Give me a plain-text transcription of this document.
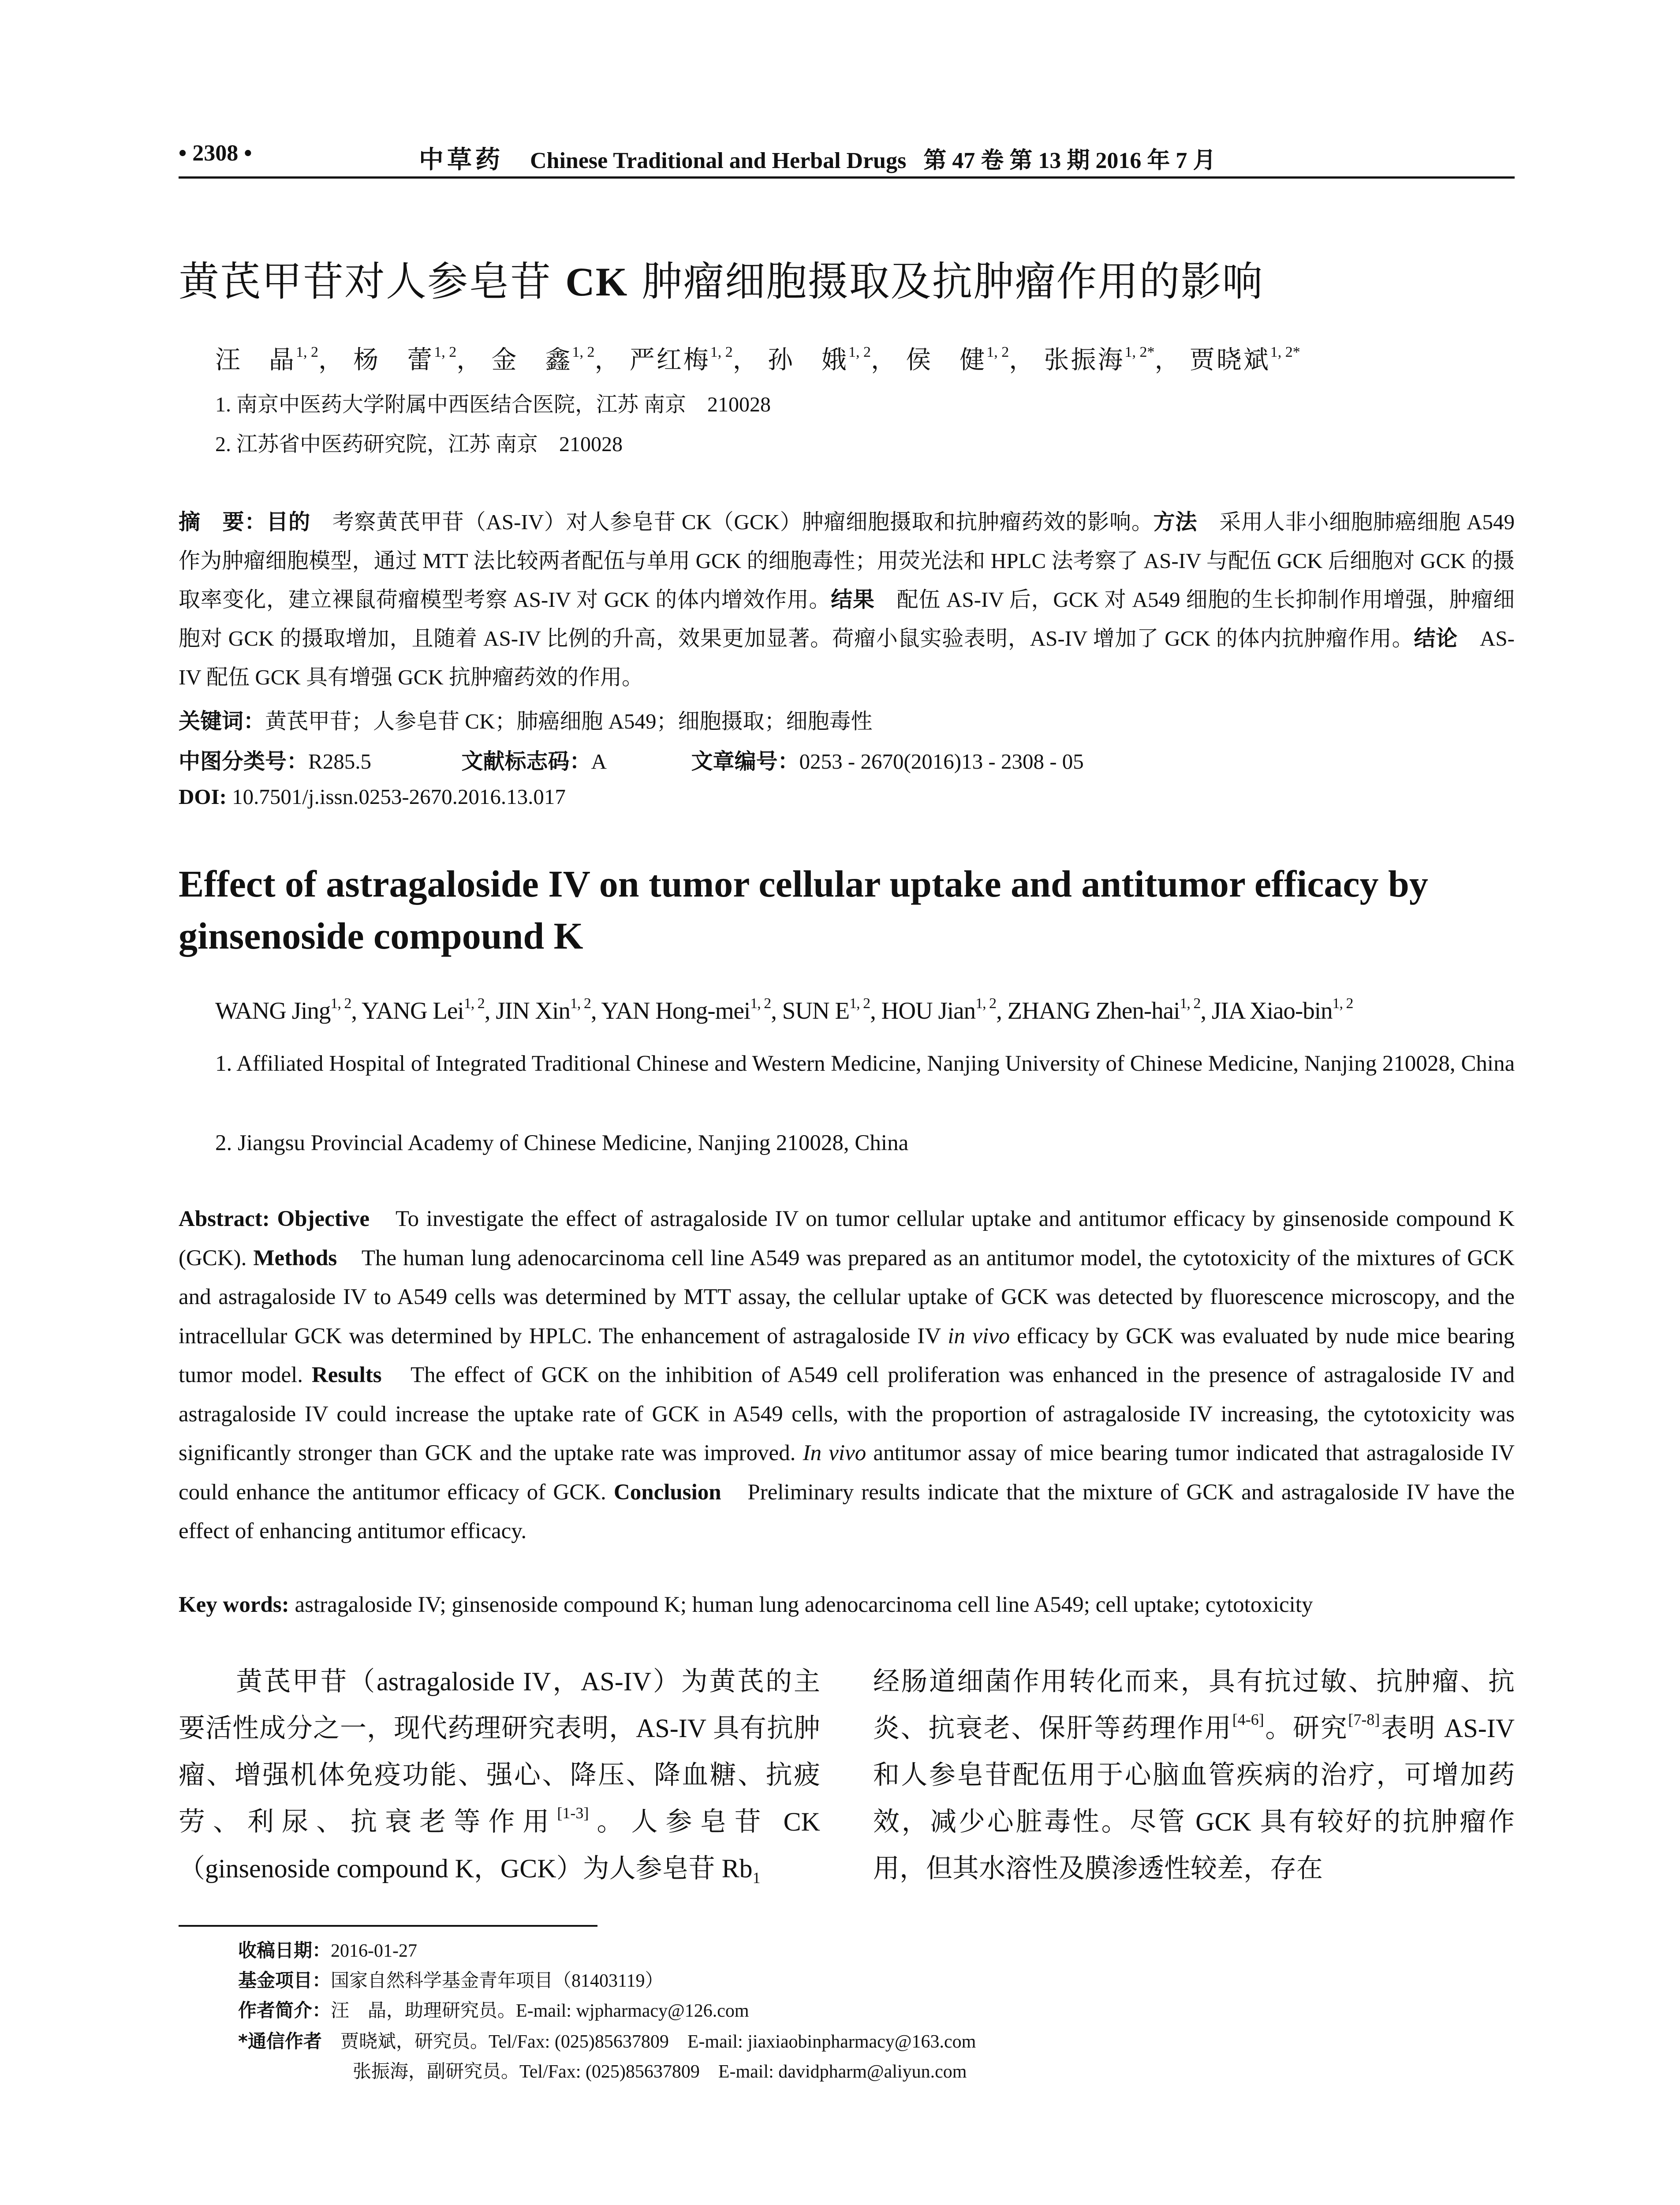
• 2308 •	中草药 Chinese Traditional and Herbal Drugs 第 47 卷 第 13 期 2016 年 7 月
黄芪甲苷对人参皂苷 CK 肿瘤细胞摄取及抗肿瘤作用的影响
汪　晶$^{1, 2}$， 杨　蕾$^{1, 2}$， 金　鑫$^{1, 2}$， 严红梅$^{1, 2}$， 孙　娥$^{1, 2}$， 侯　健$^{1, 2}$， 张振海$^{1, 2*}$， 贾晓斌$^{1, 2*}$
1. 南京中医药大学附属中西医结合医院，江苏 南京　210028
2. 江苏省中医药研究院，江苏 南京　210028
摘　要：目的　考察黄芪甲苷（AS-IV）对人参皂苷 CK（GCK）肿瘤细胞摄取和抗肿瘤药效的影响。方法　采用人非小细胞肺癌细胞 A549 作为肿瘤细胞模型，通过 MTT 法比较两者配伍与单用 GCK 的细胞毒性；用荧光法和 HPLC 法考察了 AS-IV 与配伍 GCK 后细胞对 GCK 的摄取率变化，建立裸鼠荷瘤模型考察 AS-IV 对 GCK 的体内增效作用。结果　配伍 AS-IV 后，GCK 对 A549 细胞的生长抑制作用增强，肿瘤细胞对 GCK 的摄取增加，且随着 AS-IV 比例的升高，效果更加显著。荷瘤小鼠实验表明，AS-IV 增加了 GCK 的体内抗肿瘤作用。结论　AS-IV 配伍 GCK 具有增强 GCK 抗肿瘤药效的作用。
关键词：黄芪甲苷；人参皂苷 CK；肺癌细胞 A549；细胞摄取；细胞毒性
中图分类号：R285.5	文献标志码：A	文章编号：0253 - 2670(2016)13 - 2308 - 05
DOI: 10.7501/j.issn.0253-2670.2016.13.017
Effect of astragaloside IV on tumor cellular uptake and antitumor efficacy by ginsenoside compound K
WANG Jing$^{1, 2}$, YANG Lei$^{1, 2}$, JIN Xin$^{1, 2}$, YAN Hong-mei$^{1, 2}$, SUN E$^{1, 2}$, HOU Jian$^{1, 2}$, ZHANG Zhen-hai$^{1, 2}$, JIA Xiao-bin$^{1, 2}$
1. Affiliated Hospital of Integrated Traditional Chinese and Western Medicine, Nanjing University of Chinese Medicine, Nanjing 210028, China
2. Jiangsu Provincial Academy of Chinese Medicine, Nanjing 210028, China
Abstract: Objective　To investigate the effect of astragaloside IV on tumor cellular uptake and antitumor efficacy by ginsenoside compound K (GCK). Methods　The human lung adenocarcinoma cell line A549 was prepared as an antitumor model, the cytotoxicity of the mixtures of GCK and astragaloside IV to A549 cells was determined by MTT assay, the cellular uptake of GCK was detected by fluorescence microscopy, and the intracellular GCK was determined by HPLC. The enhancement of astragaloside IV in vivo efficacy by GCK was evaluated by nude mice bearing tumor model. Results　The effect of GCK on the inhibition of A549 cell proliferation was enhanced in the presence of astragaloside IV and astragaloside IV could increase the uptake rate of GCK in A549 cells, with the proportion of astragaloside IV increasing, the cytotoxicity was significantly stronger than GCK and the uptake rate was improved. In vivo antitumor assay of mice bearing tumor indicated that astragaloside IV could enhance the antitumor efficacy of GCK. Conclusion　Preliminary results indicate that the mixture of GCK and astragaloside IV have the effect of enhancing antitumor efficacy.
Key words: astragaloside IV; ginsenoside compound K; human lung adenocarcinoma cell line A549; cell uptake; cytotoxicity
黄芪甲苷（astragaloside IV，AS-IV）为黄芪的主要活性成分之一，现代药理研究表明，AS-IV 具有抗肿瘤、增强机体免疫功能、强心、降压、降血糖、抗疲劳、利尿、抗衰老等作用[1-3]。人参皂苷 CK（ginsenoside compound K，GCK）为人参皂苷 $Rb_1$
经肠道细菌作用转化而来，具有抗过敏、抗肿瘤、抗炎、抗衰老、保肝等药理作用[4-6]。研究[7-8]表明 AS-IV 和人参皂苷配伍用于心脑血管疾病的治疗，可增加药效，减少心脏毒性。尽管 GCK 具有较好的抗肿瘤作用，但其水溶性及膜渗透性较差，存在
收稿日期：2016-01-27
基金项目：国家自然科学基金青年项目（81403119）
作者简介：汪　晶，助理研究员。E-mail: wjpharmacy@126.com
*通信作者　贾晓斌，研究员。Tel/Fax: (025)85637809　E-mail: jiaxiaobinpharmacy@163.com
张振海，副研究员。Tel/Fax: (025)85637809　E-mail: davidpharm@aliyun.com
